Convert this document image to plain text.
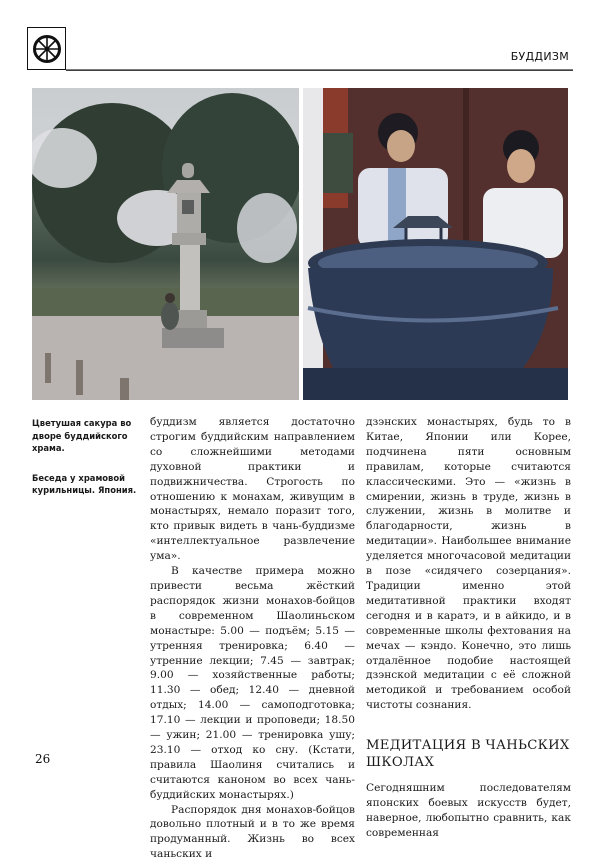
БУДДИЗМ

Цветушая сакура во дворе буддийского храма.

Беседа у храмовой курильницы. Япония.

буддизм является достаточно строгим буддийским направлением со сложнейшими методами духовной практики и подвижничества. Строгость по отношению к монахам, живущим в монастырях, немало поразит того, кто привык видеть в чань-буддизме «интеллектуальное развлечение ума».

В качестве примера можно привести весьма жёсткий распорядок жизни монахов-бойцов в современном Шаолиньском монастыре: 5.00 — подъём; 5.15 — утренняя тренировка; 6.40 — утренние лекции; 7.45 — завтрак; 9.00 — хозяйственные работы; 11.30 — обед; 12.40 — дневной отдых; 14.00 — самоподготовка; 17.10 — лекции и проповеди; 18.50 — ужин; 21.00 — тренировка ушу; 23.10 — отход ко сну. (Кстати, правила Шаолиня считались и считаются каноном во всех чань-буддийских монастырях.)

Распорядок дня монахов-бойцов довольно плотный и в то же время продуманный. Жизнь во всех чаньских и

дзэнских монастырях, будь то в Китае, Японии или Корее, подчинена пяти основным правилам, которые считаются классическими. Это — «жизнь в смирении, жизнь в труде, жизнь в служении, жизнь в молитве и благодарности, жизнь в медитации». Наибольшее внимание уделяется многочасовой медитации в позе «сидячего созерцания». Традиции именно этой медитативной практики входят сегодня и в каратэ, и в айкидо, и в современные школы фехтования на мечах — кэндо. Конечно, это лишь отдалённое подобие настоящей дзэнской медитации с её сложной методикой и требованием особой чистоты сознания.

МЕДИТАЦИЯ В ЧАНЬСКИХ ШКОЛАХ

Сегодняшним последователям японских боевых искусств будет, наверное, любопытно сравнить, как современная

26
